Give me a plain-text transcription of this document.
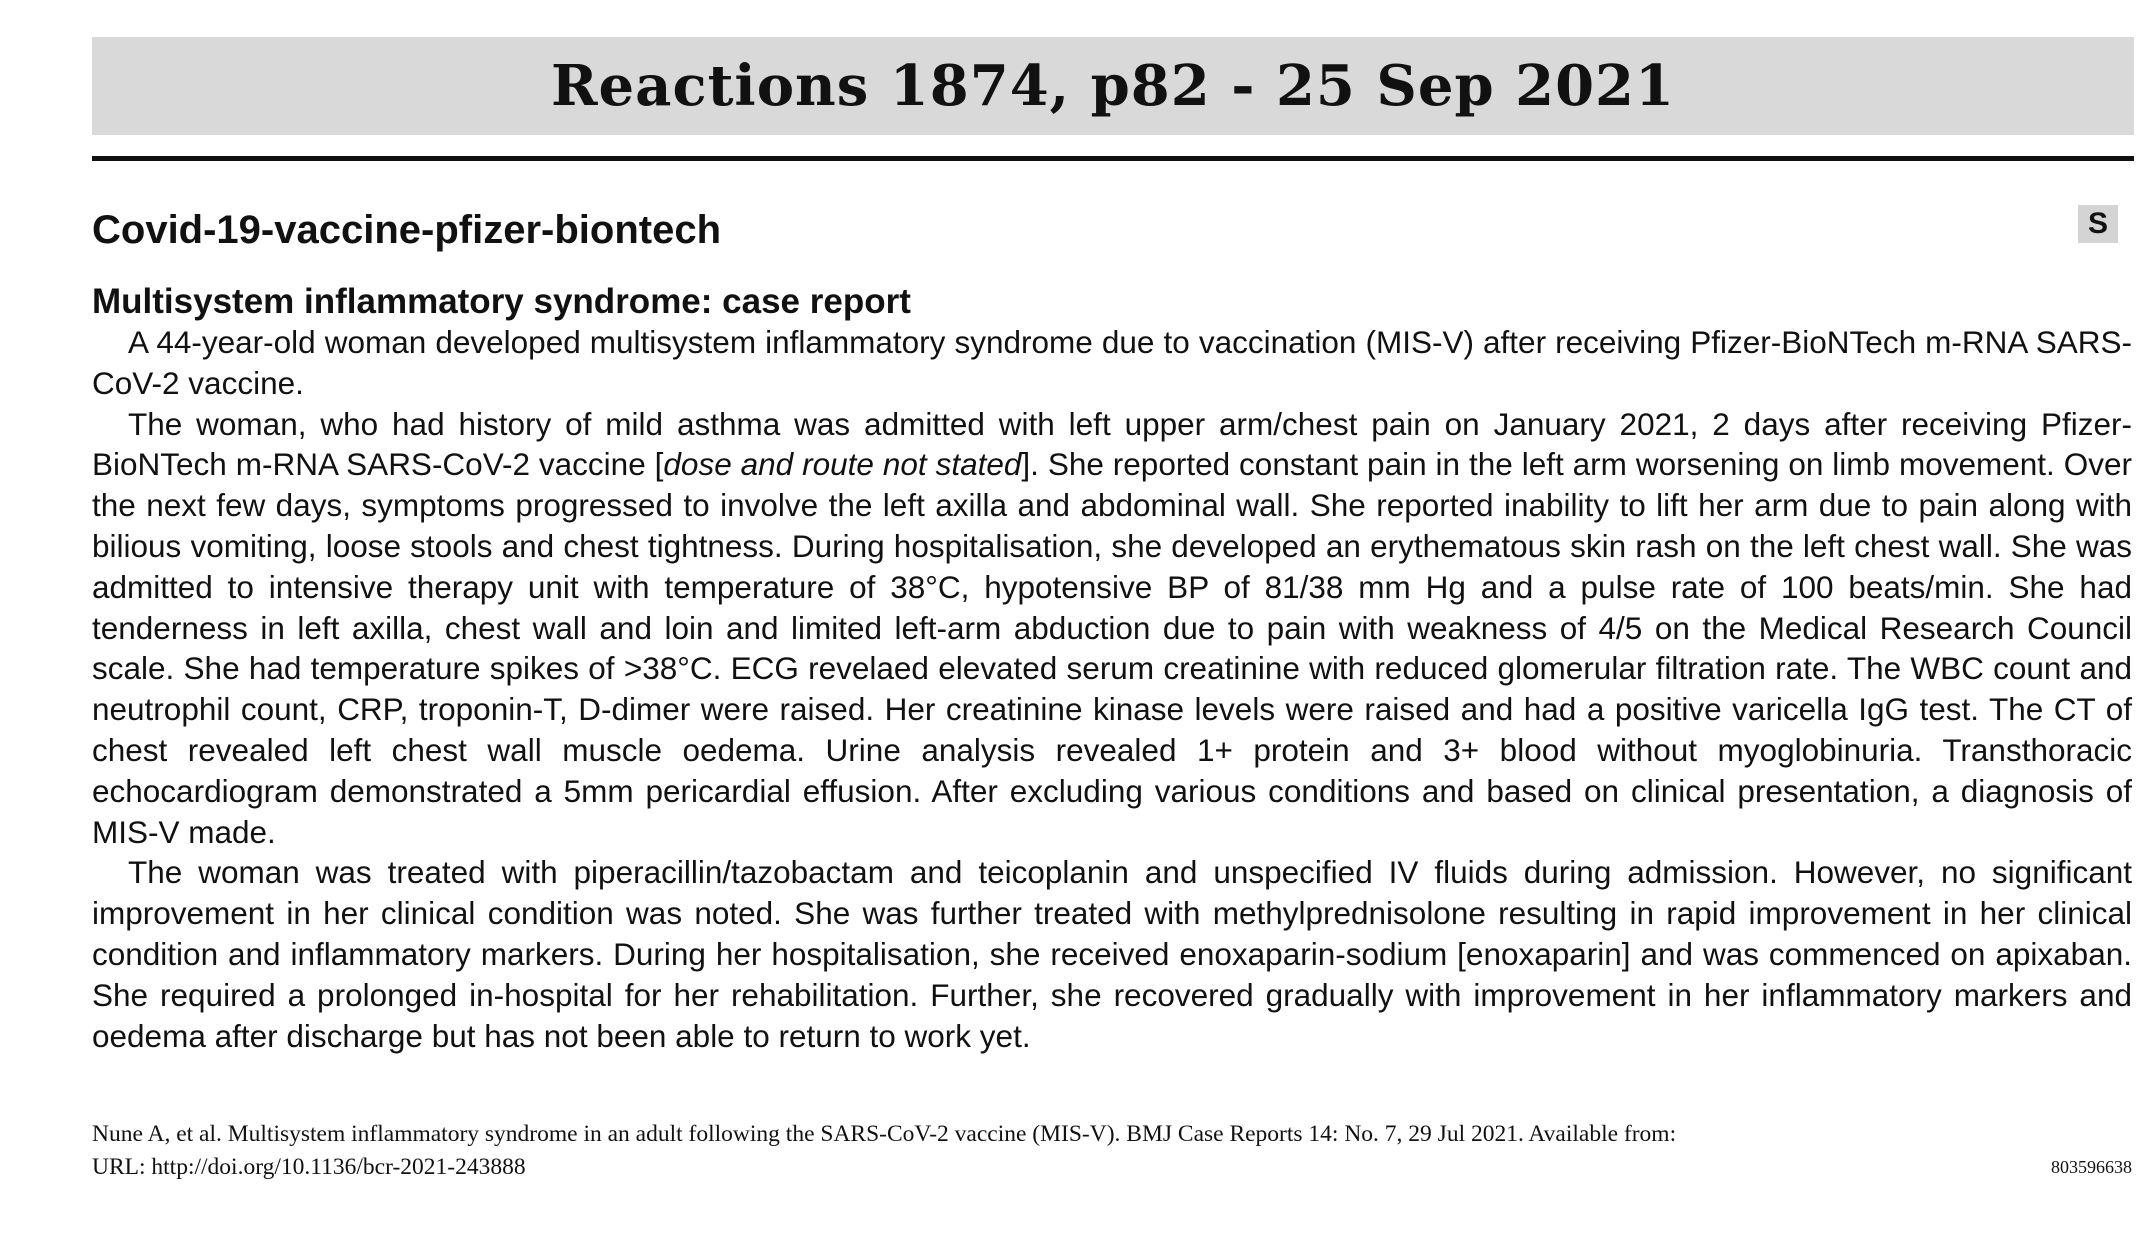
Reactions 1874, p82 - 25 Sep 2021
Covid-19-vaccine-pfizer-biontech	S
Multisystem inflammatory syndrome: case report

A 44-year-old woman developed multisystem inflammatory syndrome due to vaccination (MIS-V) after receiving Pfizer-BioNTech m-RNA SARS-CoV-2 vaccine.

The woman, who had history of mild asthma was admitted with left upper arm/chest pain on January 2021, 2 days after receiving Pfizer-BioNTech m-RNA SARS-CoV-2 vaccine [dose and route not stated]. She reported constant pain in the left arm worsening on limb movement. Over the next few days, symptoms progressed to involve the left axilla and abdominal wall. She reported inability to lift her arm due to pain along with bilious vomiting, loose stools and chest tightness. During hospitalisation, she developed an erythematous skin rash on the left chest wall. She was admitted to intensive therapy unit with temperature of 38°C, hypotensive BP of 81/38 mm Hg and a pulse rate of 100 beats/min. She had tenderness in left axilla, chest wall and loin and limited left-arm abduction due to pain with weakness of 4/5 on the Medical Research Council scale. She had temperature spikes of >38°C. ECG revelaed elevated serum creatinine with reduced glomerular filtration rate. The WBC count and neutrophil count, CRP, troponin-T, D-dimer were raised. Her creatinine kinase levels were raised and had a positive varicella IgG test. The CT of chest revealed left chest wall muscle oedema. Urine analysis revealed 1+ protein and 3+ blood without myoglobinuria. Transthoracic echocardiogram demonstrated a 5mm pericardial effusion. After excluding various conditions and based on clinical presentation, a diagnosis of MIS-V made.

The woman was treated with piperacillin/tazobactam and teicoplanin and unspecified IV fluids during admission. However, no significant improvement in her clinical condition was noted. She was further treated with methylprednisolone resulting in rapid improvement in her clinical condition and inflammatory markers. During her hospitalisation, she received enoxaparin-sodium [enoxaparin] and was commenced on apixaban. She required a prolonged in-hospital for her rehabilitation. Further, she recovered gradually with improvement in her inflammatory markers and oedema after discharge but has not been able to return to work yet.

Nune A, et al. Multisystem inflammatory syndrome in an adult following the SARS-CoV-2 vaccine (MIS-V). BMJ Case Reports 14: No. 7, 29 Jul 2021. Available from:
URL: http://doi.org/10.1136/bcr-2021-243888	803596638
